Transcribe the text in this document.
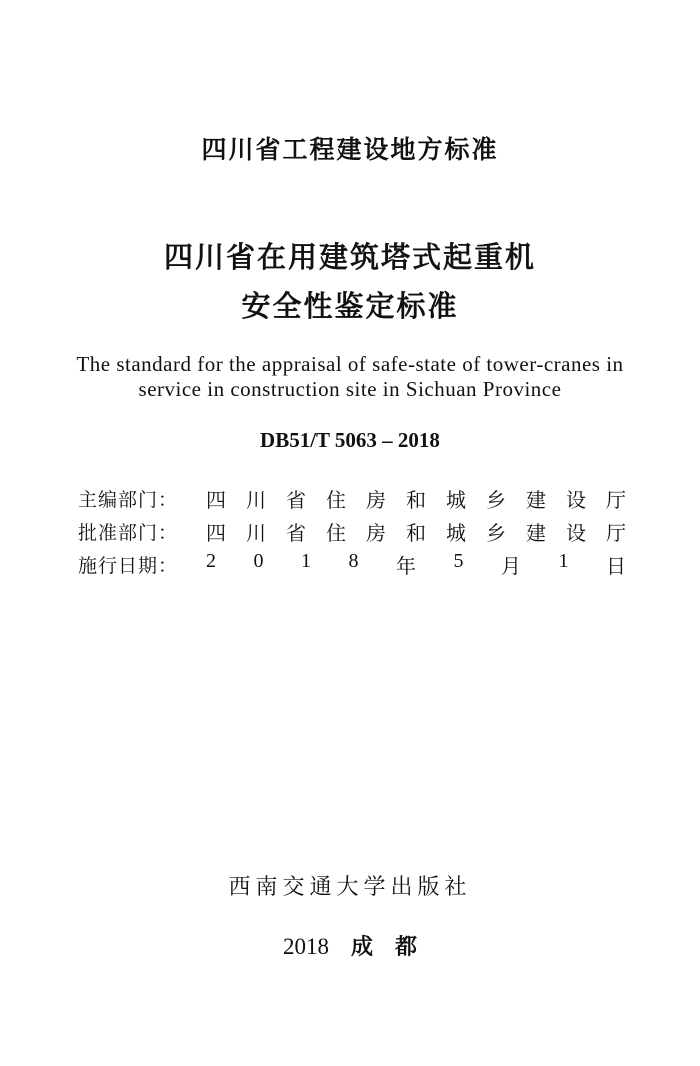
四川省工程建设地方标准
四川省在用建筑塔式起重机
安全性鉴定标准
The standard for the appraisal of safe-state of tower-cranes in
service in construction site in Sichuan Province
DB51/T 5063 – 2018
主编部门：	四 川 省 住 房 和 城 乡 建 设 厅
批准部门：	四 川 省 住 房 和 城 乡 建 设 厅
施行日期：	2 0 1 8 年 5 月 1 日
西南交通大学出版社
2018 成都
